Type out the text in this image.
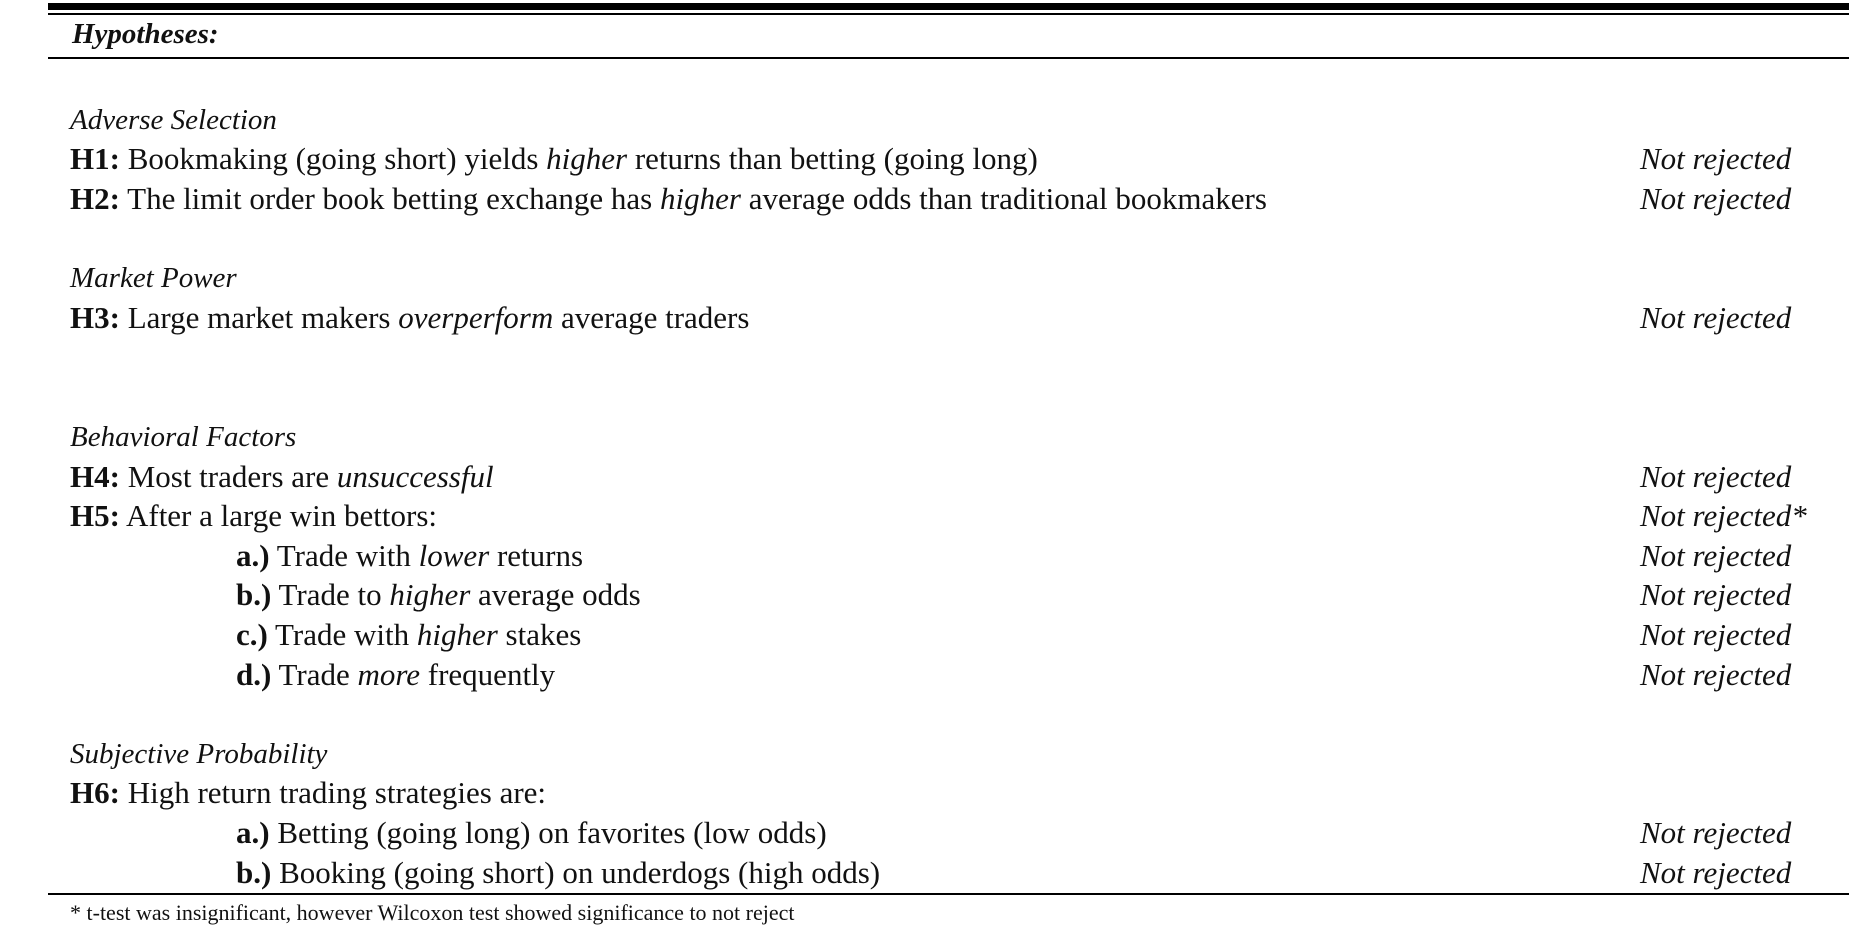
Hypotheses:
Adverse Selection
H1: Bookmaking (going short) yields higher returns than betting (going long)	Not rejected
H2: The limit order book betting exchange has higher average odds than traditional bookmakers	Not rejected
Market Power
H3: Large market makers overperform average traders	Not rejected
Behavioral Factors
H4: Most traders are unsuccessful	Not rejected
H5: After a large win bettors:	Not rejected*
a.) Trade with lower returns	Not rejected
b.) Trade to higher average odds	Not rejected
c.) Trade with higher stakes	Not rejected
d.) Trade more frequently	Not rejected
Subjective Probability
H6: High return trading strategies are:
a.) Betting (going long) on favorites (low odds)	Not rejected
b.) Booking (going short) on underdogs (high odds)	Not rejected
* t-test was insignificant, however Wilcoxon test showed significance to not reject
